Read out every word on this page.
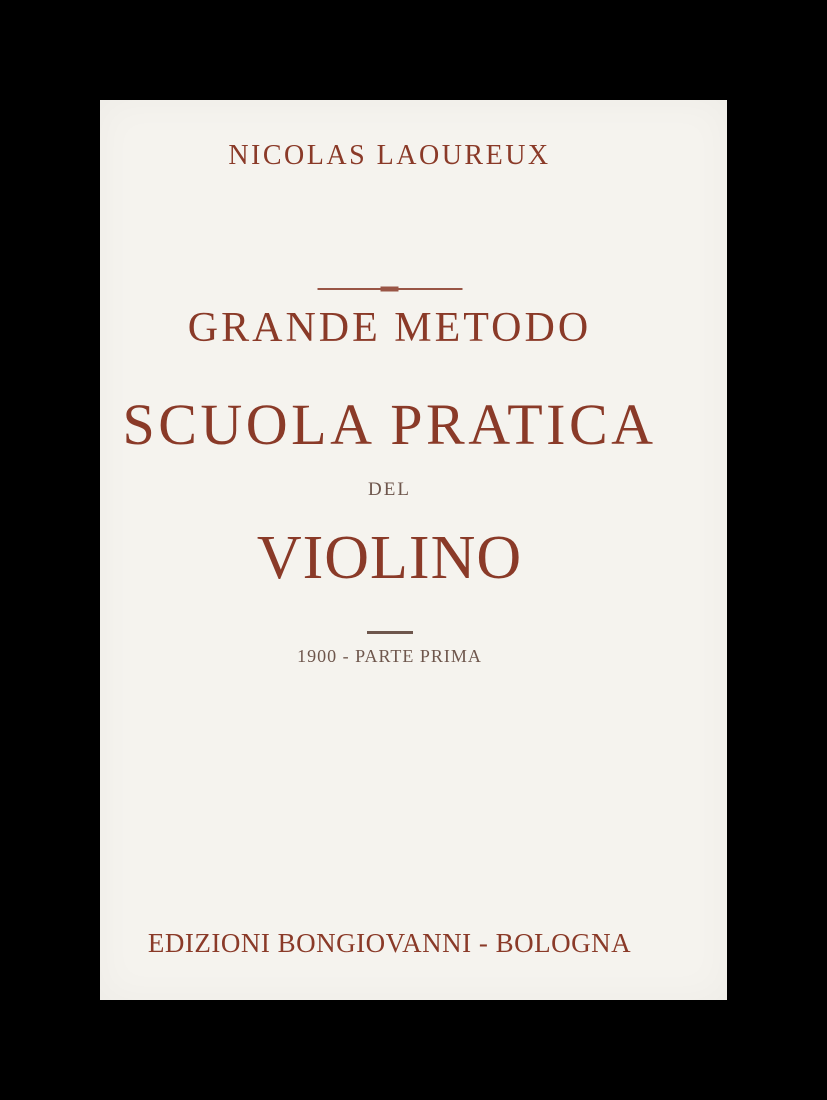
NICOLAS LAOUREUX
GRANDE METODO
SCUOLA PRATICA
DEL
VIOLINO
1900 - PARTE PRIMA
EDIZIONI BONGIOVANNI - BOLOGNA
